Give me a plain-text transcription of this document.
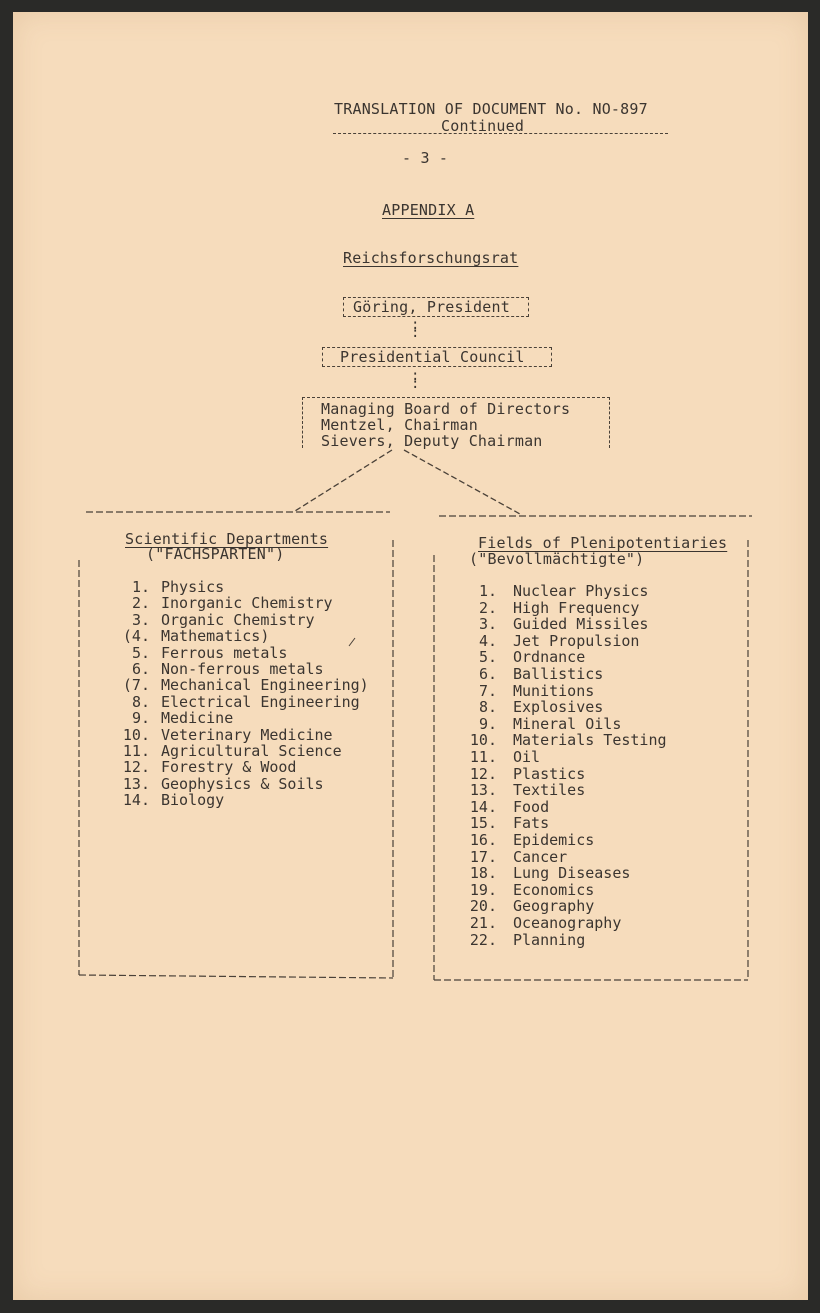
TRANSLATION OF DOCUMENT No. NO-897
Continued
- 3 -
APPENDIX A
Reichsforschungsrat
Göring, President
:
:
Presidential Council
:
:
Managing Board of Directors
Mentzel, Chairman
Sievers, Deputy Chairman
Scientific Departments
("FACHSPARTEN")
Fields of Plenipotentiaries
("Bevollmächtigte")
1. Physics
2. Inorganic Chemistry
3. Organic Chemistry
(4. Mathematics)
5. Ferrous metals
6. Non-ferrous metals
(7. Mechanical Engineering)
8. Electrical Engineering
9. Medicine
10. Veterinary Medicine
11. Agricultural Science
12. Forestry & Wood
13. Geophysics & Soils
14. Biology
1. Nuclear Physics
2. High Frequency
3. Guided Missiles
4. Jet Propulsion
5. Ordnance
6. Ballistics
7. Munitions
8. Explosives
9. Mineral Oils
10. Materials Testing
11. Oil
12. Plastics
13. Textiles
14. Food
15. Fats
16. Epidemics
17. Cancer
18. Lung Diseases
19. Economics
20. Geography
21. Oceanography
22. Planning
